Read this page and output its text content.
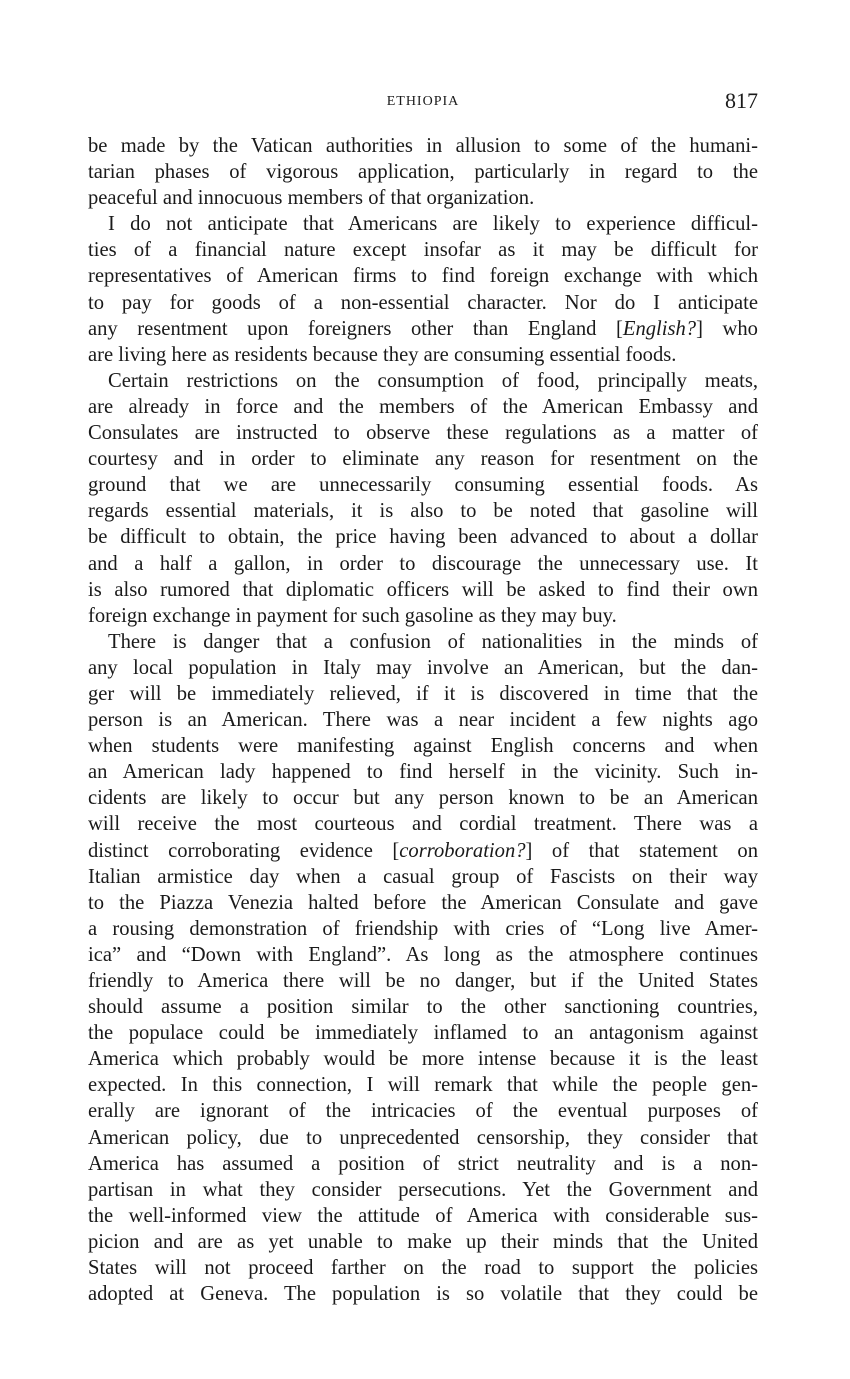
ETHIOPIA	817
be made by the Vatican authorities in allusion to some of the humani-
tarian phases of vigorous application, particularly in regard to the
peaceful and innocuous members of that organization.
I do not anticipate that Americans are likely to experience difficul-
ties of a financial nature except insofar as it may be difficult for
representatives of American firms to find foreign exchange with which
to pay for goods of a non-essential character. Nor do I anticipate
any resentment upon foreigners other than England [English?] who
are living here as residents because they are consuming essential foods.
Certain restrictions on the consumption of food, principally meats,
are already in force and the members of the American Embassy and
Consulates are instructed to observe these regulations as a matter of
courtesy and in order to eliminate any reason for resentment on the
ground that we are unnecessarily consuming essential foods. As
regards essential materials, it is also to be noted that gasoline will
be difficult to obtain, the price having been advanced to about a dollar
and a half a gallon, in order to discourage the unnecessary use. It
is also rumored that diplomatic officers will be asked to find their own
foreign exchange in payment for such gasoline as they may buy.
There is danger that a confusion of nationalities in the minds of
any local population in Italy may involve an American, but the dan-
ger will be immediately relieved, if it is discovered in time that the
person is an American. There was a near incident a few nights ago
when students were manifesting against English concerns and when
an American lady happened to find herself in the vicinity. Such in-
cidents are likely to occur but any person known to be an American
will receive the most courteous and cordial treatment. There was a
distinct corroborating evidence [corroboration?] of that statement on
Italian armistice day when a casual group of Fascists on their way
to the Piazza Venezia halted before the American Consulate and gave
a rousing demonstration of friendship with cries of “Long live Amer-
ica” and “Down with England”. As long as the atmosphere continues
friendly to America there will be no danger, but if the United States
should assume a position similar to the other sanctioning countries,
the populace could be immediately inflamed to an antagonism against
America which probably would be more intense because it is the least
expected. In this connection, I will remark that while the people gen-
erally are ignorant of the intricacies of the eventual purposes of
American policy, due to unprecedented censorship, they consider that
America has assumed a position of strict neutrality and is a non-
partisan in what they consider persecutions. Yet the Government and
the well-informed view the attitude of America with considerable sus-
picion and are as yet unable to make up their minds that the United
States will not proceed farther on the road to support the policies
adopted at Geneva. The population is so volatile that they could be
